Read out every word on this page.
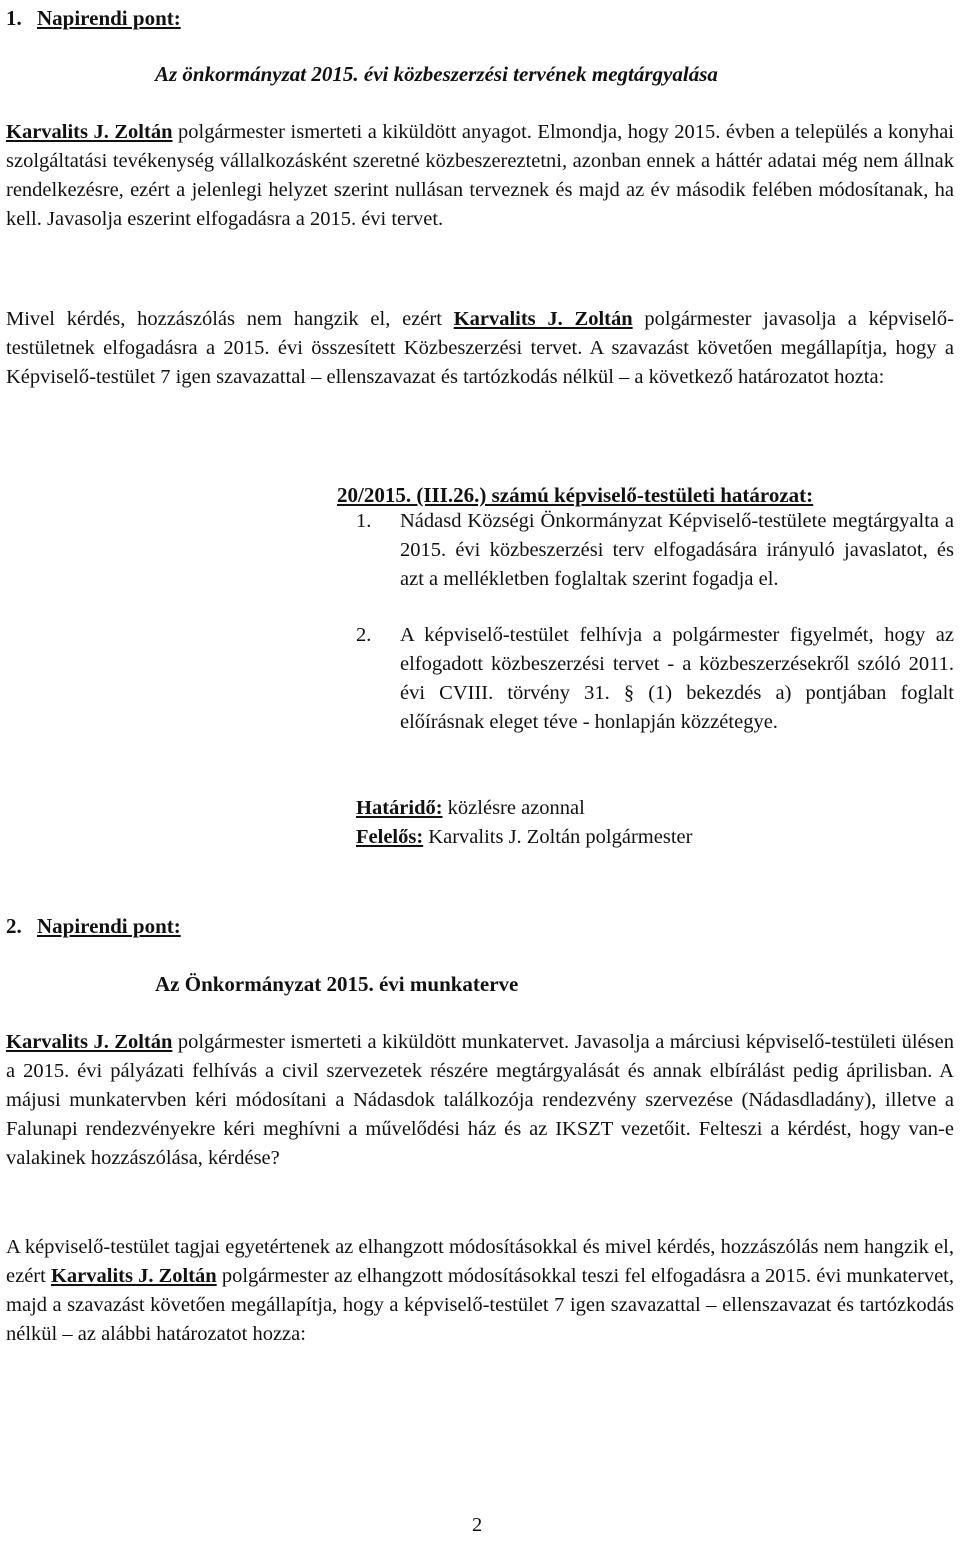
1. Napirendi pont:
Az önkormányzat 2015. évi közbeszerzési tervének megtárgyalása

Karvalits J. Zoltán polgármester ismerteti a kiküldött anyagot. Elmondja, hogy 2015. évben a település a konyhai szolgáltatási tevékenység vállalkozásként szeretné közbeszereztetni, azonban ennek a háttér adatai még nem állnak rendelkezésre, ezért a jelenlegi helyzet szerint nullásan terveznek és majd az év második felében módosítanak, ha kell. Javasolja eszerint elfogadásra a 2015. évi tervet.

Mivel kérdés, hozzászólás nem hangzik el, ezért Karvalits J. Zoltán polgármester javasolja a képviselő-testületnek elfogadásra a 2015. évi összesített Közbeszerzési tervet. A szavazást követően megállapítja, hogy a Képviselő-testület 7 igen szavazattal – ellenszavazat és tartózkodás nélkül – a következő határozatot hozta:

20/2015. (III.26.) számú képviselő-testületi határozat:
1. Nádasd Községi Önkormányzat Képviselő-testülete megtárgyalta a 2015. évi közbeszerzési terv elfogadására irányuló javaslatot, és azt a mellékletben foglaltak szerint fogadja el.
2. A képviselő-testület felhívja a polgármester figyelmét, hogy az elfogadott közbeszerzési tervet - a közbeszerzésekről szóló 2011. évi CVIII. törvény 31. § (1) bekezdés a) pontjában foglalt előírásnak eleget téve - honlapján közzétegye.
Határidő: közlésre azonnal
Felelős: Karvalits J. Zoltán polgármester
2. Napirendi pont:
Az Önkormányzat 2015. évi munkaterve

Karvalits J. Zoltán polgármester ismerteti a kiküldött munkatervet. Javasolja a márciusi képviselő-testületi ülésen a 2015. évi pályázati felhívás a civil szervezetek részére megtárgyalását és annak elbírálást pedig áprilisban. A májusi munkatervben kéri módosítani a Nádasdok találkozója rendezvény szervezése (Nádasdladány), illetve a Falunapi rendezvényekre kéri meghívni a művelődési ház és az IKSZT vezetőit. Felteszi a kérdést, hogy van-e valakinek hozzászólása, kérdése?

A képviselő-testület tagjai egyetértenek az elhangzott módosításokkal és mivel kérdés, hozzászólás nem hangzik el, ezért Karvalits J. Zoltán polgármester az elhangzott módosításokkal teszi fel elfogadásra a 2015. évi munkatervet, majd a szavazást követően megállapítja, hogy a képviselő-testület 7 igen szavazattal – ellenszavazat és tartózkodás nélkül – az alábbi határozatot hozza:

2
